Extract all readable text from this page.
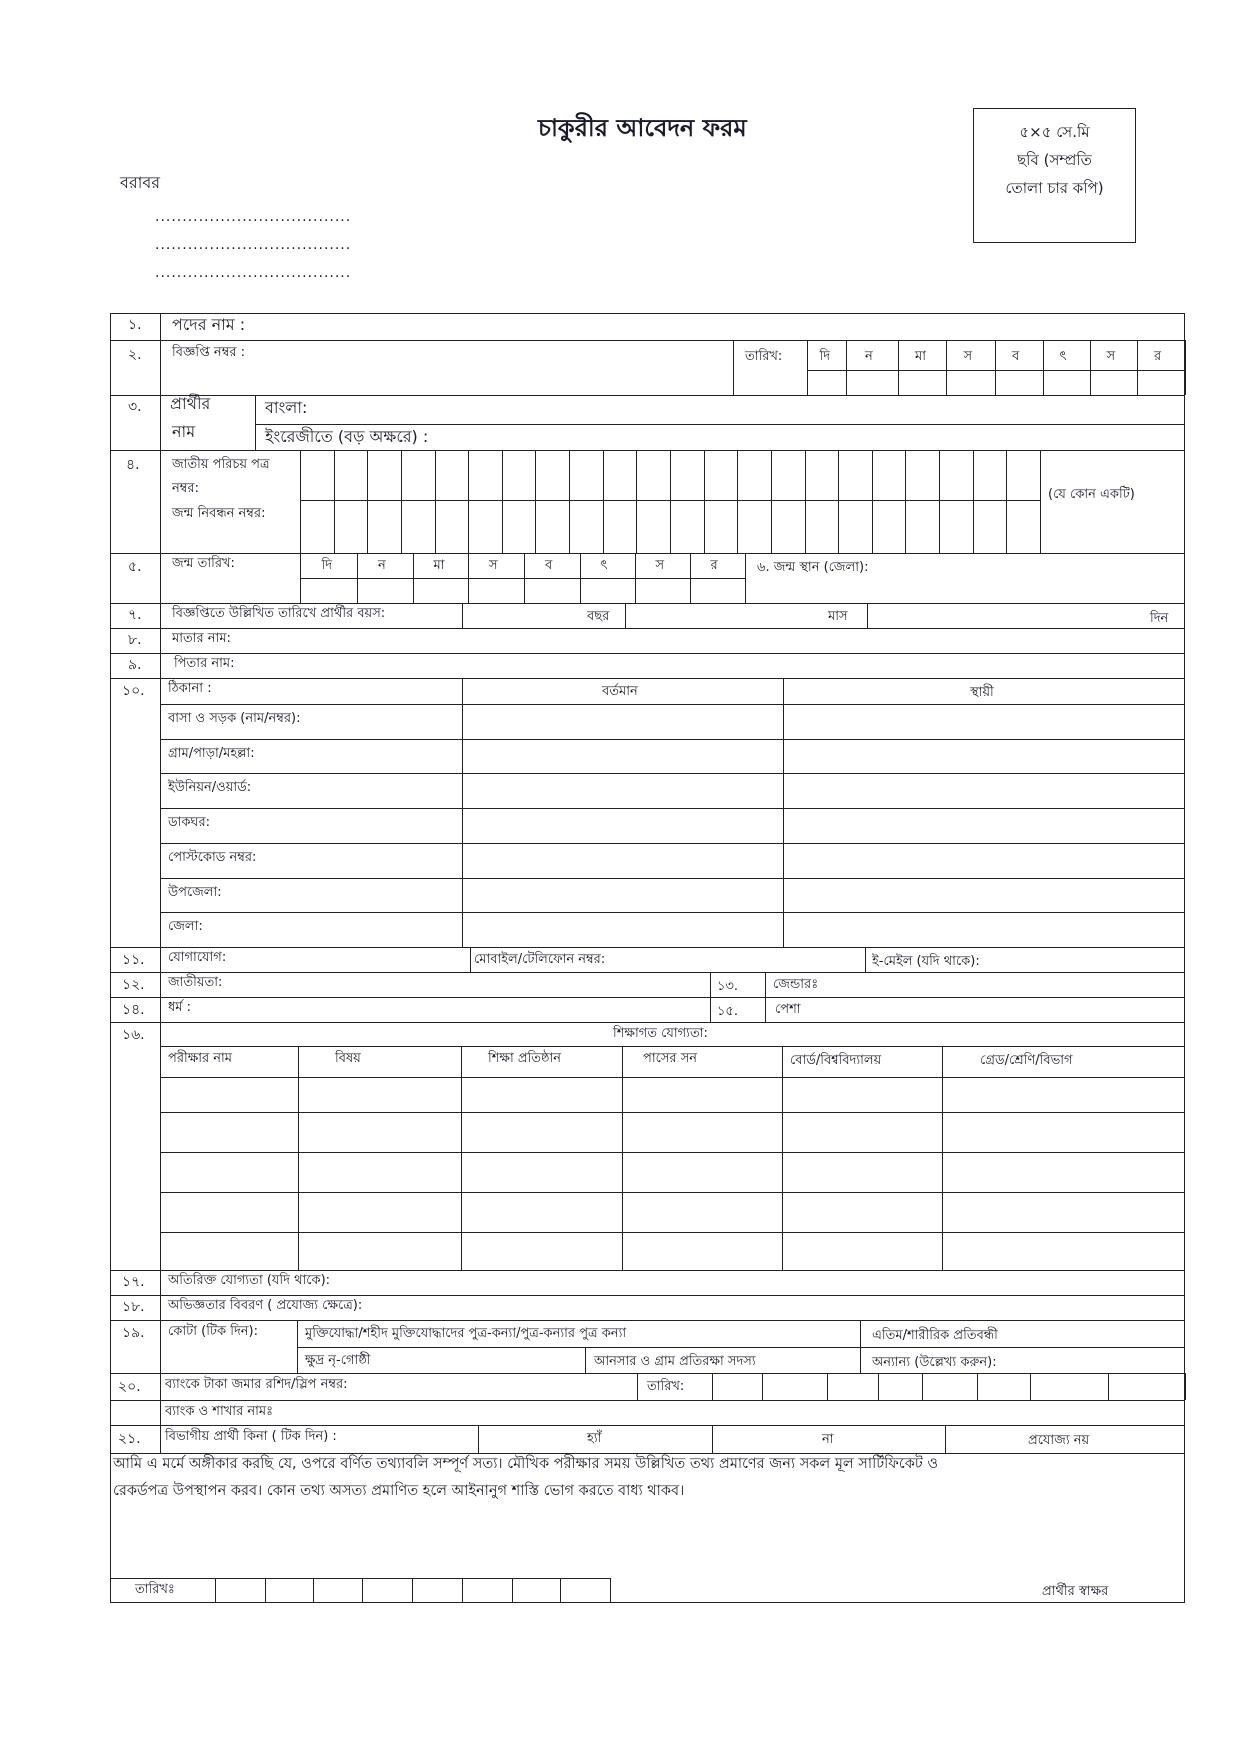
চাকুরীর আবেদন ফরম
বরাবর
....................................
....................................
....................................
৫×৫ সে.মি
ছবি (সম্প্রতি
তোলা চার কপি)
১. পদের নাম :
২. বিজ্ঞপ্তি নম্বর :	তারিখ:	দি	ন	মা	স	ব	ৎ	স	র
৩. প্রার্থীর
নাম
বাংলা:
ইংরেজীতে (বড় অক্ষরে) :
৪. জাতীয় পরিচয় পত্র
নম্বর:
জন্ম নিবন্ধন নম্বর:
(যে কোন একটি)
৫. জন্ম তারিখ:	দি	ন	মা	স	ব	ৎ	স	র	৬. জন্ম স্থান (জেলা):
৭. বিজ্ঞপ্তিতে উল্লিখিত তারিখে প্রার্থীর বয়স:	বছর	মাস	দিন
৮. মাতার নাম:
৯. পিতার নাম:
১০. ঠিকানা :	বর্তমান	স্থায়ী
বাসা ও সড়ক (নাম/নম্বর):
গ্রাম/পাড়া/মহল্লা:
ইউনিয়ন/ওয়ার্ড:
ডাকঘর:
পোস্টকোড নম্বর:
উপজেলা:
জেলা:
১১. যোগাযোগ:	মোবাইল/টেলিফোন নম্বর:	ই-মেইল (যদি থাকে):
১২. জাতীয়তা:	১৩.	জেন্ডারঃ
১৪. ধর্ম :	১৫.	পেশা
১৬.	শিক্ষাগত যোগ্যতা:
পরীক্ষার নাম	বিষয়	শিক্ষা প্রতিষ্ঠান	পাসের সন	বোর্ড/বিশ্ববিদ্যালয়	গ্রেড/শ্রেণি/বিভাগ
১৭. অতিরিক্ত যোগ্যতা (যদি থাকে):
১৮. অভিজ্ঞতার বিবরণ ( প্রযোজ্য ক্ষেত্রে):
১৯. কোটা (টিক দিন):	মুক্তিযোদ্ধা/শহীদ মুক্তিযোদ্ধাদের পুত্র-কন্যা/পুত্র-কন্যার পুত্র কন্যা	এতিম/শারীরিক প্রতিবন্ধী
ক্ষুদ্র নৃ-গোষ্ঠী	আনসার ও গ্রাম প্রতিরক্ষা সদস্য	অন্যান্য (উল্লেখ্য করুন):
২০. ব্যাংকে টাকা জমার রশিদ/স্লিপ নম্বর:	তারিখ:
ব্যাংক ও শাখার নামঃ
২১. বিভাগীয় প্রার্থী কিনা ( টিক দিন) :	হ্যাঁ	না	প্রযোজ্য নয়
আমি এ মর্মে অঙ্গীকার করছি যে, ওপরে বর্ণিত তথ্যাবলি সম্পূর্ণ সত্য। মৌখিক পরীক্ষার সময় উল্লিখিত তথ্য প্রমাণের জন্য সকল মূল সার্টিফিকেট ও
রেকর্ডপত্র উপস্থাপন করব। কোন তথ্য অসত্য প্রমাণিত হলে আইনানুগ শাস্তি ভোগ করতে বাধ্য থাকব।
তারিখঃ	প্রার্থীর স্বাক্ষর
